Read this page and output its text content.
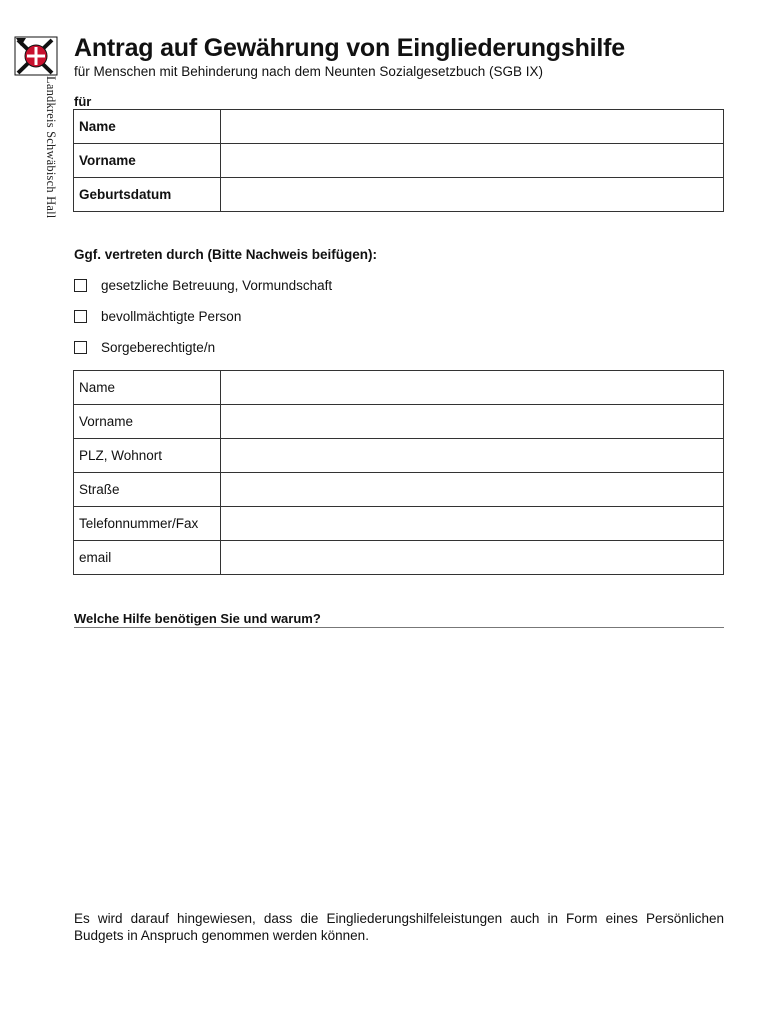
Landkreis Schwäbisch Hall
Antrag auf Gewährung von Eingliederungshilfe
für Menschen mit Behinderung nach dem Neunten Sozialgesetzbuch (SGB IX)
für
Name	
Vorname	
Geburtsdatum	
Ggf. vertreten durch (Bitte Nachweis beifügen):
gesetzliche Betreuung, Vormundschaft
bevollmächtigte Person
Sorgeberechtigte/n
Name	
Vorname	
PLZ, Wohnort	
Straße	
Telefonnummer/Fax	
email	
Welche Hilfe benötigen Sie und warum?
Es wird darauf hingewiesen, dass die Eingliederungshilfeleistungen auch in Form eines Persönlichen Budgets in Anspruch genommen werden können.
